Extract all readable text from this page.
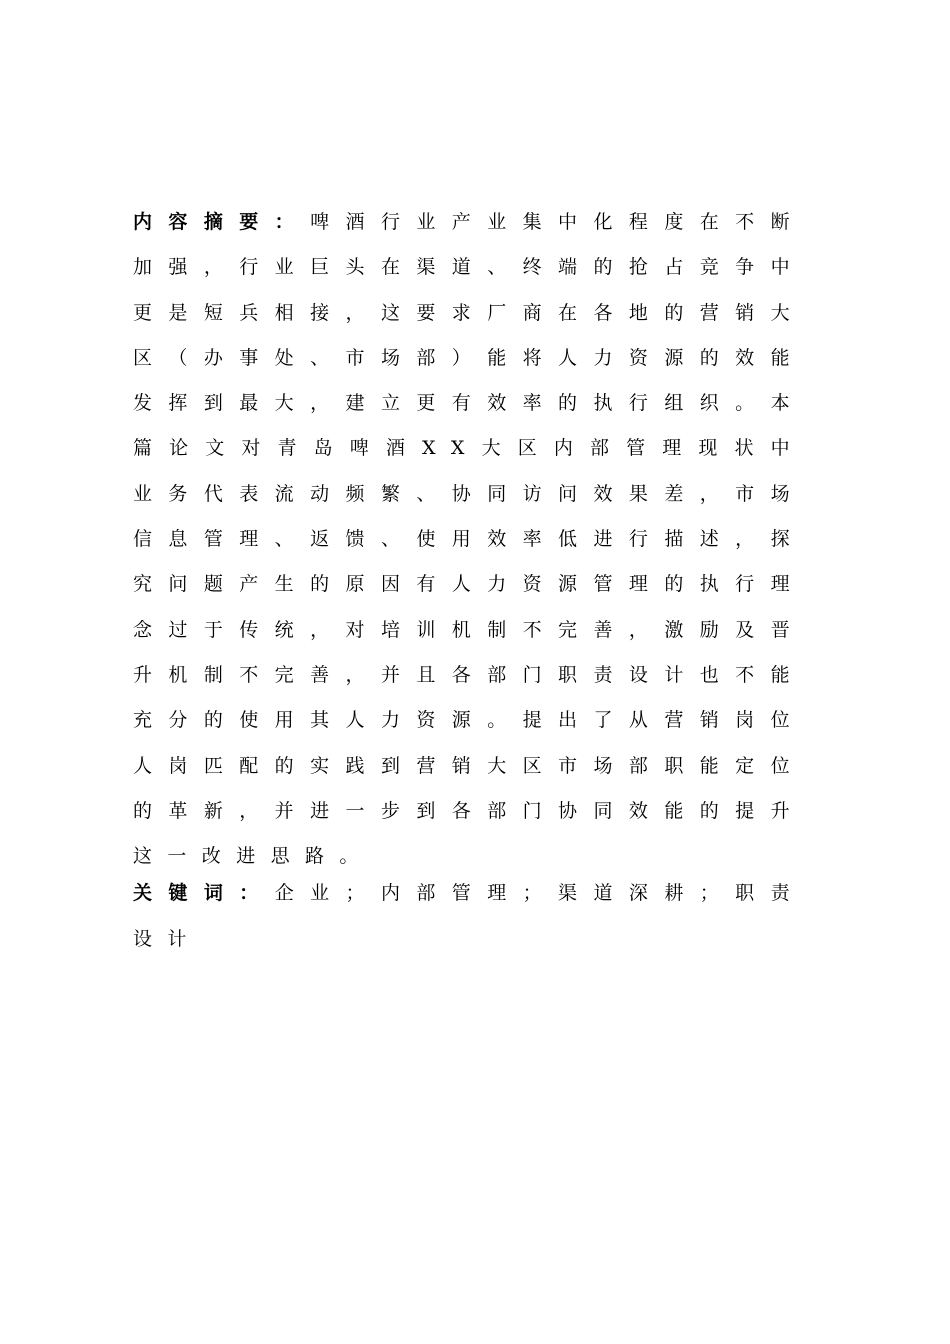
内容摘要：啤酒行业产业集中化程度在不断加强，行业巨头在渠道、终端的抢占竞争中更是短兵相接，这要求厂商在各地的营销大区（办事处、市场部）能将人力资源的效能发挥到最大，建立更有效率的执行组织。本篇论文对青岛啤酒XX大区内部管理现状中业务代表流动频繁、协同访问效果差，市场信息管理、返馈、使用效率低进行描述，探究问题产生的原因有人力资源管理的执行理念过于传统，对培训机制不完善，激励及晋升机制不完善，并且各部门职责设计也不能充分的使用其人力资源。提出了从营销岗位人岗匹配的实践到营销大区市场部职能定位的革新，并进一步到各部门协同效能的提升这一改进思路。

关键词：企业；内部管理；渠道深耕；职责设计
